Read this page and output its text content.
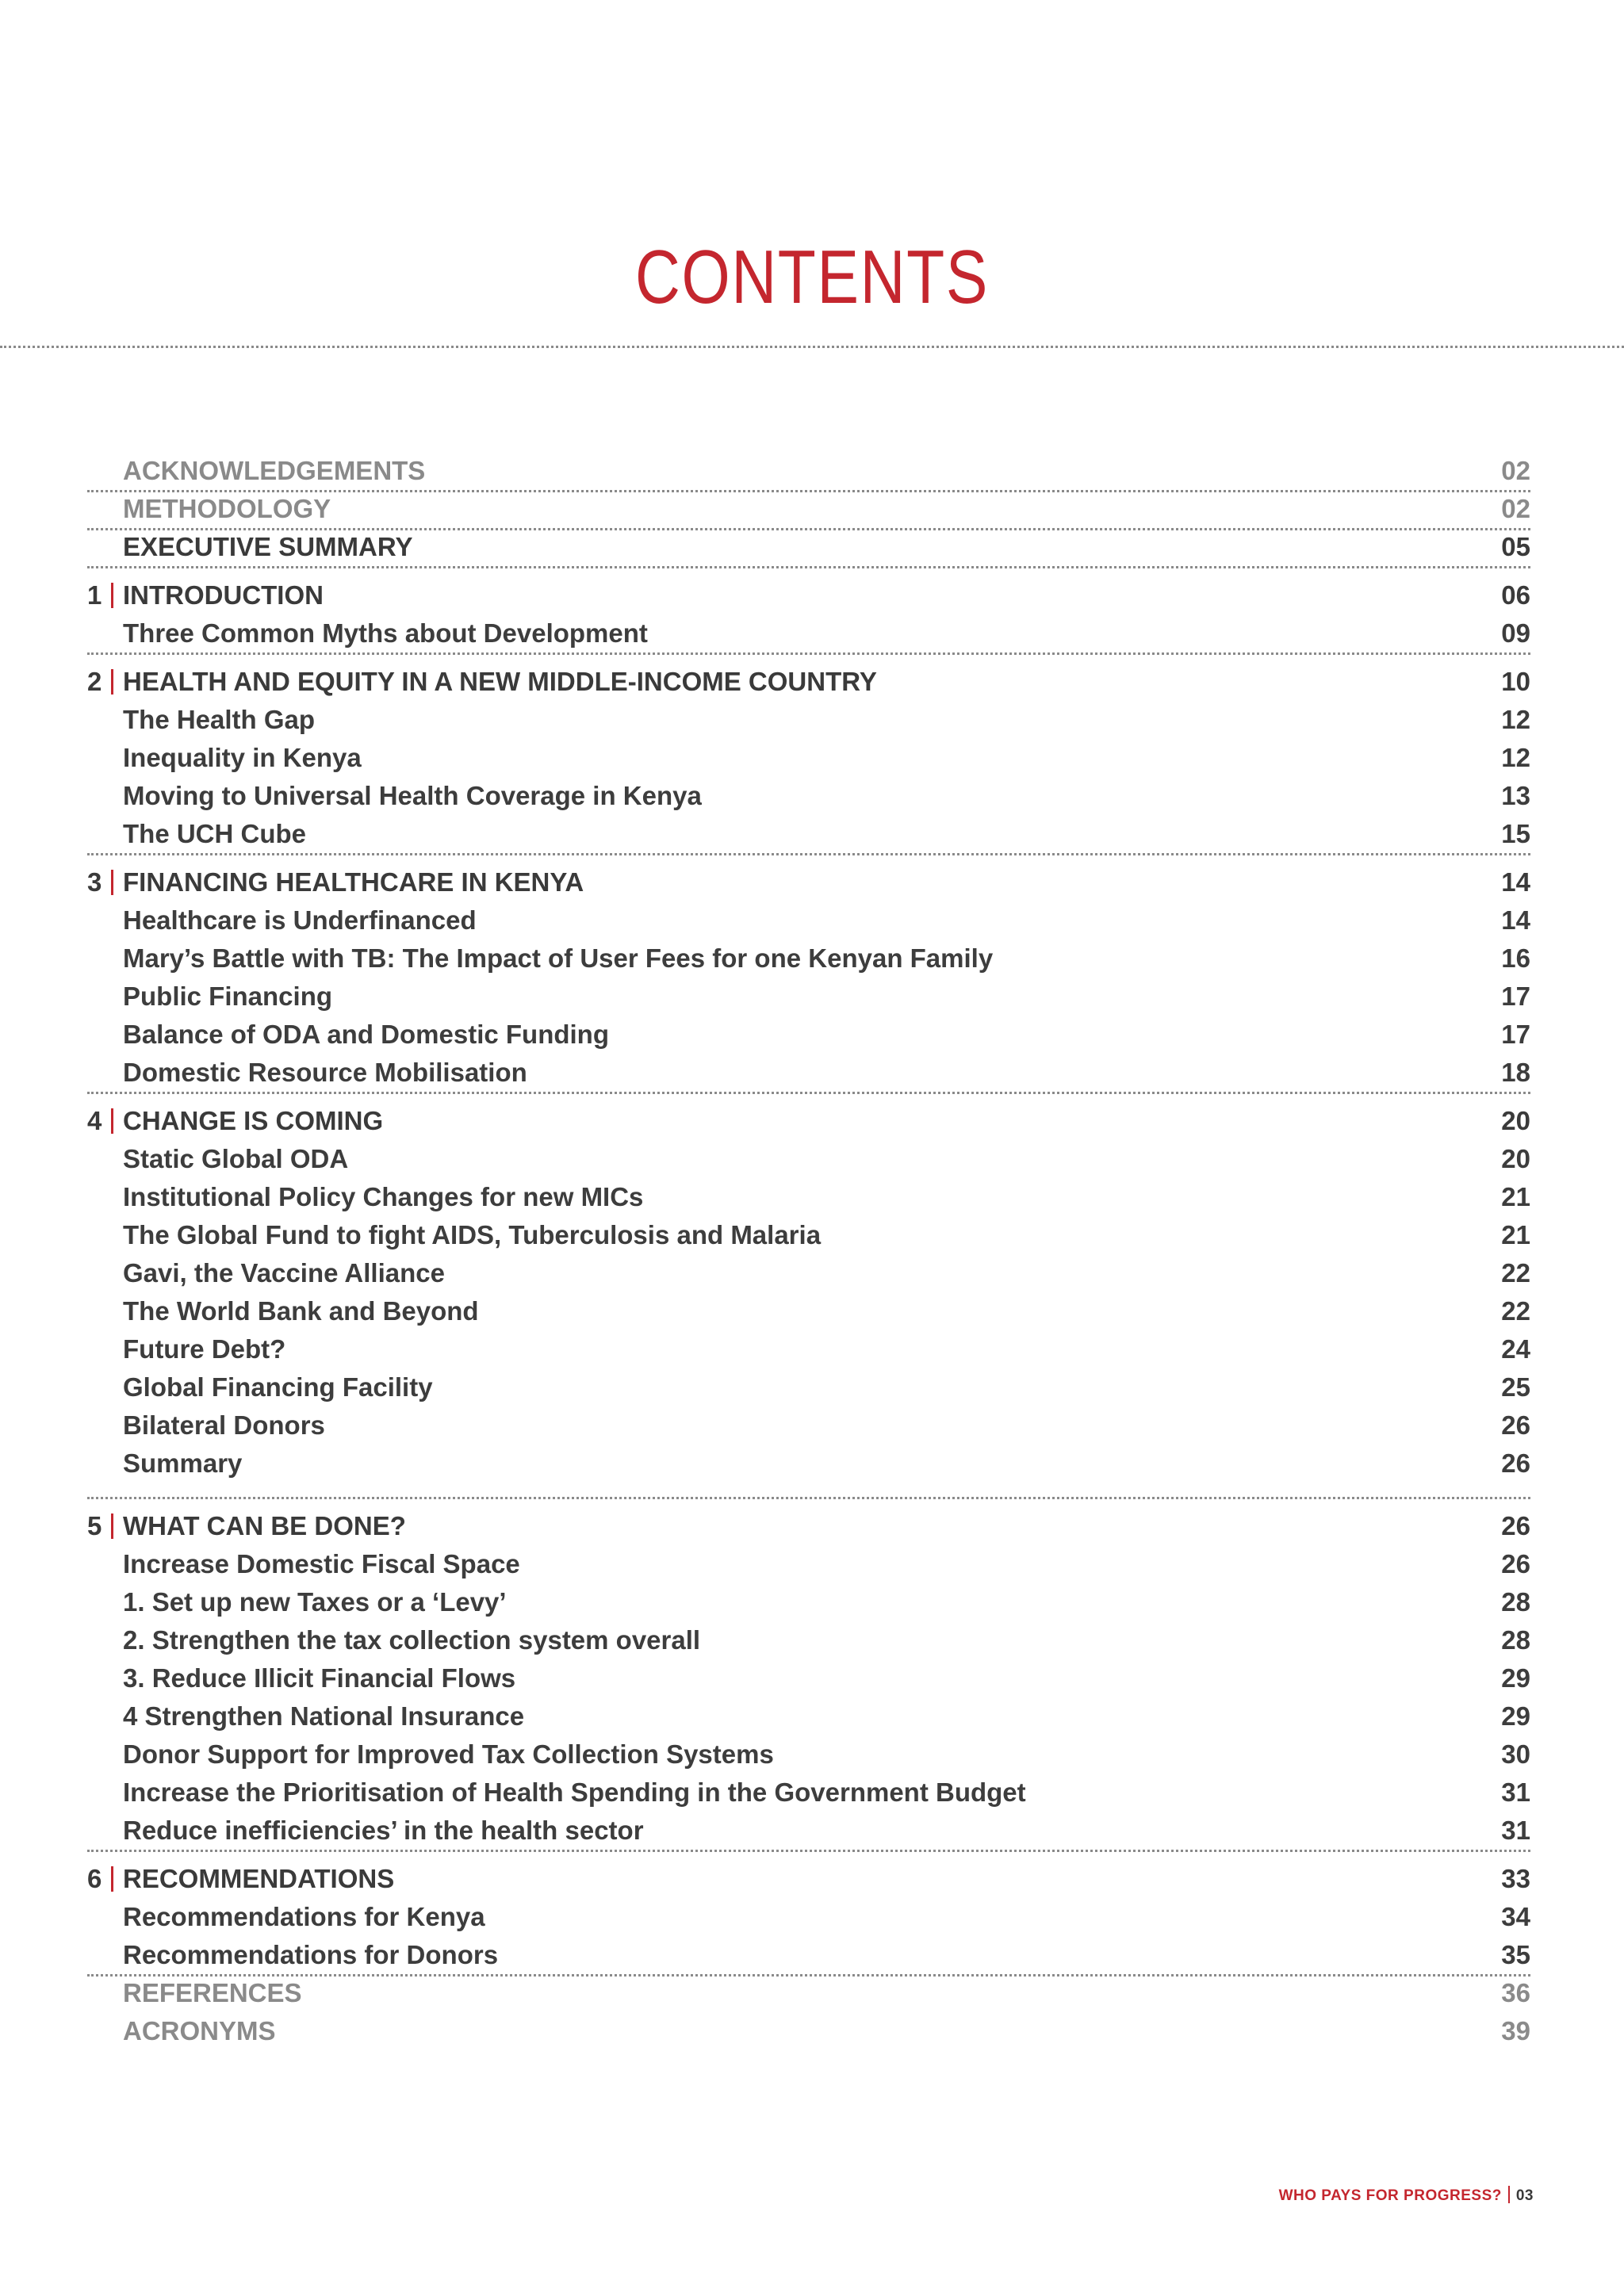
CONTENTS
ACKNOWLEDGEMENTS	02
METHODOLOGY	02
EXECUTIVE SUMMARY	05
1 INTRODUCTION	06
Three Common Myths about Development	09
2 HEALTH AND EQUITY IN A NEW MIDDLE-INCOME COUNTRY	10
The Health Gap	12
Inequality in Kenya	12
Moving to Universal Health Coverage in Kenya	13
The UCH Cube	15
3 FINANCING HEALTHCARE IN KENYA	14
Healthcare is Underfinanced	14
Mary’s Battle with TB: The Impact of User Fees for one Kenyan Family	16
Public Financing	17
Balance of ODA and Domestic Funding	17
Domestic Resource Mobilisation	18
4 CHANGE IS COMING	20
Static Global ODA	20
Institutional Policy Changes for new MICs	21
The Global Fund to fight AIDS, Tuberculosis and Malaria	21
Gavi, the Vaccine Alliance	22
The World Bank and Beyond	22
Future Debt?	24
Global Financing Facility	25
Bilateral Donors	26
Summary	26
5 WHAT CAN BE DONE?	26
Increase Domestic Fiscal Space	26
1. Set up new Taxes or a ‘Levy’	28
2. Strengthen the tax collection system overall	28
3. Reduce Illicit Financial Flows	29
4 Strengthen National Insurance	29
Donor Support for Improved Tax Collection Systems	30
Increase the Prioritisation of Health Spending in the Government Budget	31
Reduce inefficiencies’ in the health sector	31
6 RECOMMENDATIONS	33
Recommendations for Kenya	34
Recommendations for Donors	35
REFERENCES	36
ACRONYMS	39
WHO PAYS FOR PROGRESS? 03
